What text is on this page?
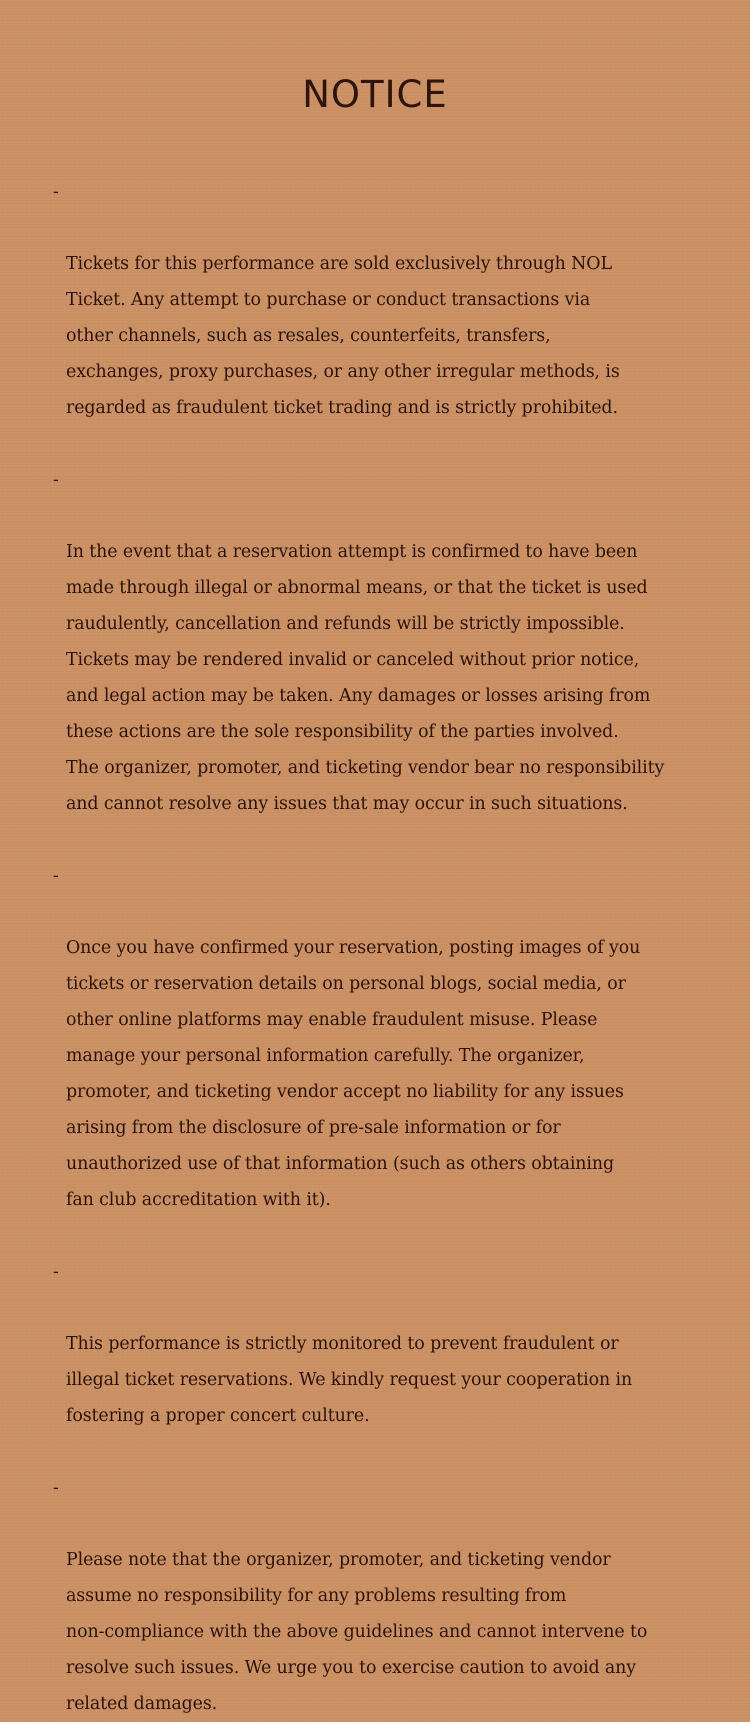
NOTICE

-

Tickets for this performance are sold exclusively through NOL
Ticket. Any attempt to purchase or conduct transactions via
other channels, such as resales, counterfeits, transfers,
exchanges, proxy purchases, or any other irregular methods, is
regarded as fraudulent ticket trading and is strictly prohibited.

-

In the event that a reservation attempt is confirmed to have been
made through illegal or abnormal means, or that the ticket is used
raudulently, cancellation and refunds will be strictly impossible.
Tickets may be rendered invalid or canceled without prior notice,
and legal action may be taken. Any damages or losses arising from
these actions are the sole responsibility of the parties involved.
The organizer, promoter, and ticketing vendor bear no responsibility
and cannot resolve any issues that may occur in such situations.

-

Once you have confirmed your reservation, posting images of you
tickets or reservation details on personal blogs, social media, or
other online platforms may enable fraudulent misuse. Please
manage your personal information carefully. The organizer,
promoter, and ticketing vendor accept no liability for any issues
arising from the disclosure of pre-sale information or for
unauthorized use of that information (such as others obtaining
fan club accreditation with it).

-

This performance is strictly monitored to prevent fraudulent or
illegal ticket reservations. We kindly request your cooperation in
fostering a proper concert culture.

-

Please note that the organizer, promoter, and ticketing vendor
assume no responsibility for any problems resulting from
non-compliance with the above guidelines and cannot intervene to
resolve such issues. We urge you to exercise caution to avoid any
related damages.
